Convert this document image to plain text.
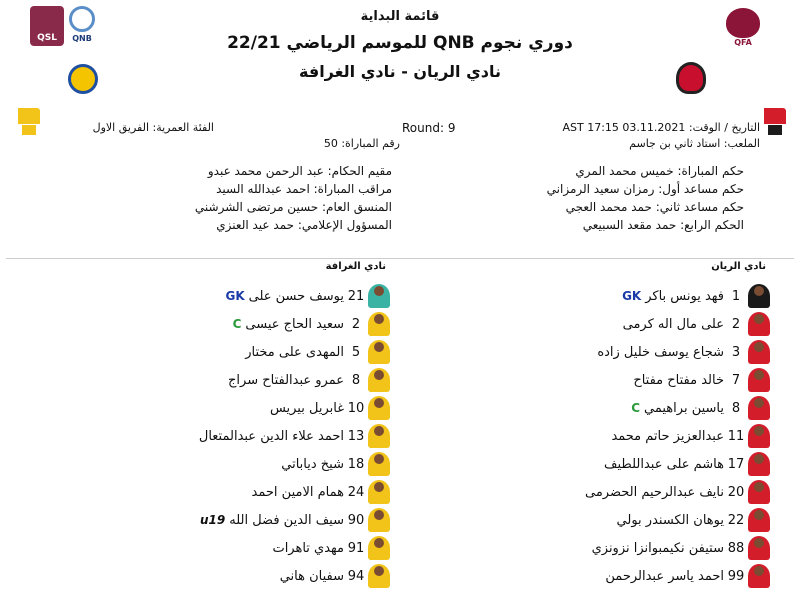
QSL QNB	QFA
قائمة البداية
دوري نجوم QNB للموسم الرياضي 22/21
نادي الريان - نادي الغرافة
التاريخ / الوقت: 03.11.2021 AST 17:15
الملعب: استاد ثاني بن جاسم
Round: 9
رقم المباراة: 50
الفئة العمرية: الفريق الاول
حكم المباراة: خميس محمد المري
حكم مساعد أول: رمزان سعيد الرمزاني
حكم مساعد ثاني: حمد محمد العجي
الحكم الرابع: حمد مقعد السبيعي
مقيم الحكام: عبد الرحمن محمد عبدو
مراقب المباراة: احمد عبدالله السيد
المنسق العام: حسين مرتضى الشرشني
المسؤول الإعلامي: حمد عيد العنزي
نادي الريان
نادي الغرافة
GK فهد يونس باكر 1
على مال اله كرمى 2
شجاع يوسف خليل زاده 3
خالد مفتاح مفتاح 7
C ياسين براهيمي 8
عبدالعزيز حاتم محمد 11
هاشم على عبداللطيف 17
نايف عبدالرحيم الحضرمى 20
يوهان الكسندر بولي 22
ستيفن نكيمبوانزا نزونزي 88
احمد ياسر عبدالرحمن 99
GK يوسف حسن على 21
C سعيد الحاج عيسى 2
المهدى على مختار 5
عمرو عبدالفتاح سراج 8
غابريل بيريس 10
احمد علاء الدين عبدالمتعال 13
شيخ دياباتي 18
همام الامين احمد 24
u19 سيف الدين فضل الله 90
مهدي تاهرات 91
سفيان هاني 94
